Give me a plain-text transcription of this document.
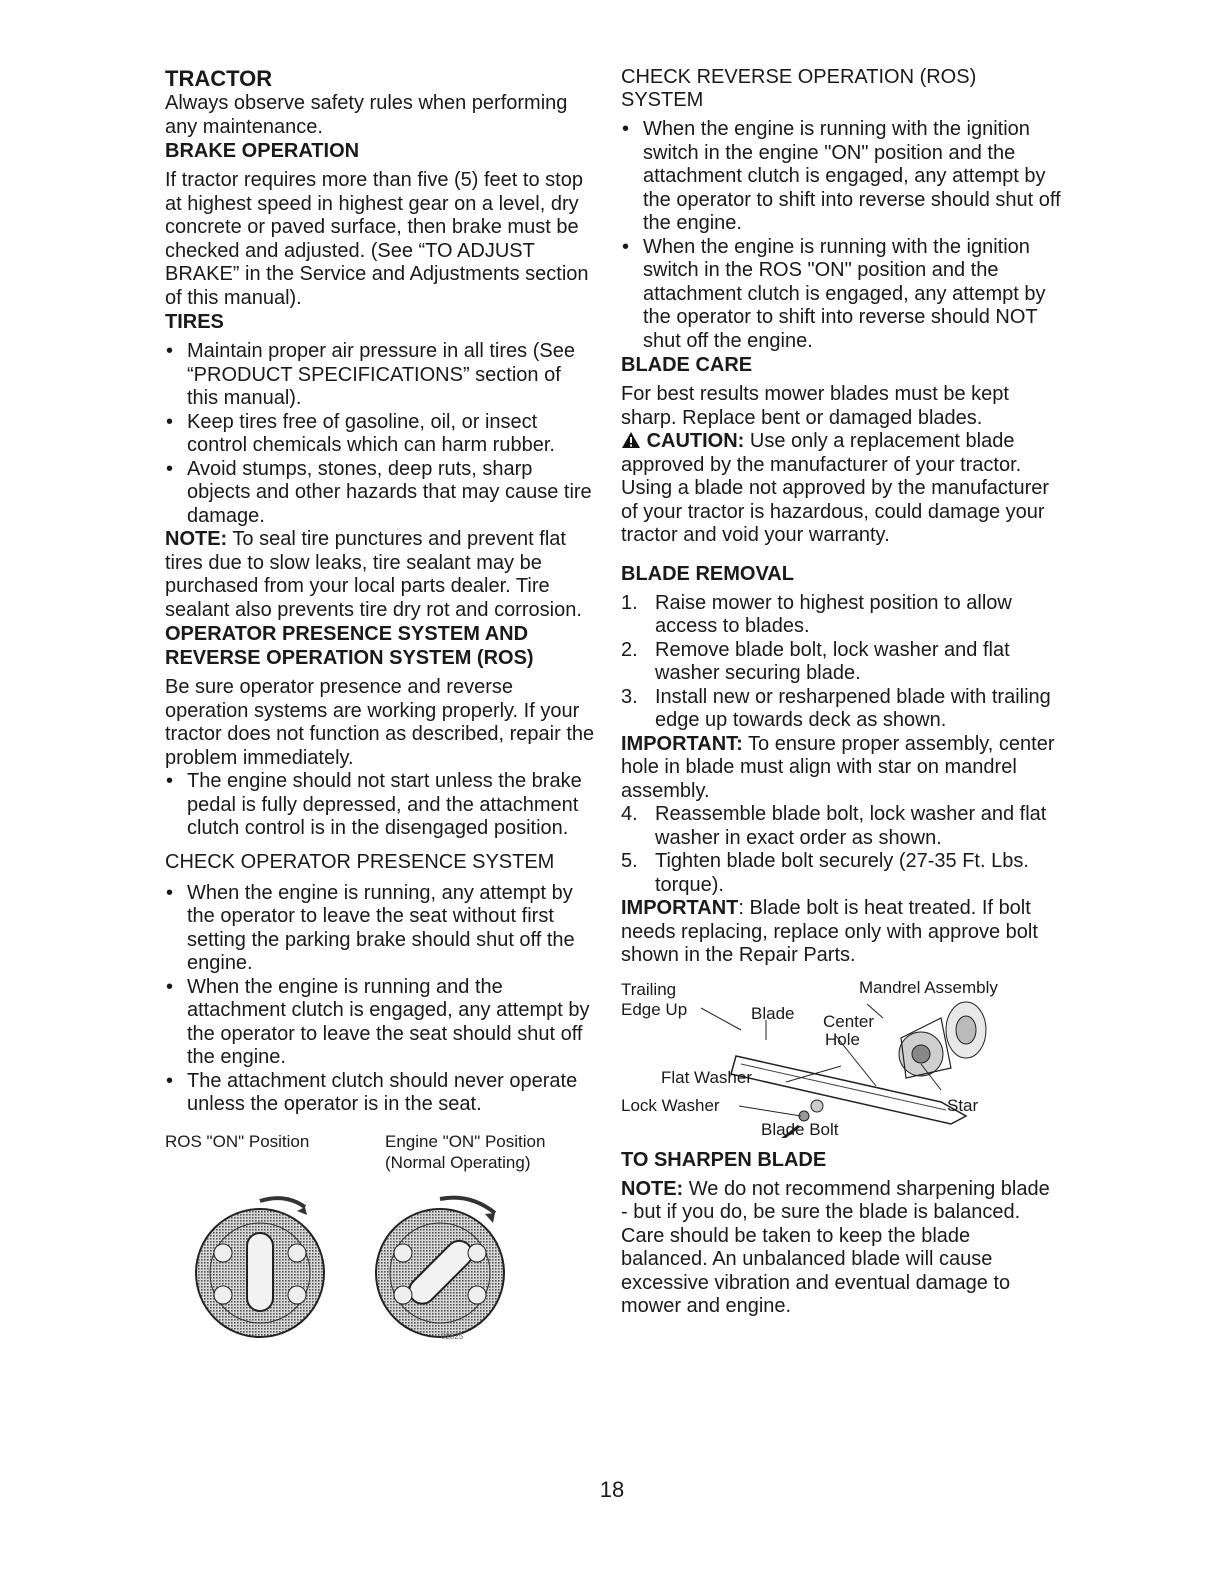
TRACTOR

Always observe safety rules when performing any maintenance.

BRAKE OPERATION

If tractor requires more than five (5) feet to stop at highest speed in highest gear on a level, dry concrete or paved surface, then brake must be checked and adjusted. (See “TO ADJUST BRAKE” in the Service and Adjustments section of this manual).

TIRES

• Maintain proper air pressure in all tires (See “PRODUCT SPECIFICATIONS” section of this manual).

• Keep tires free of gasoline, oil, or insect control chemicals which can harm rubber.

• Avoid stumps, stones, deep ruts, sharp objects and other hazards that may cause tire damage.

NOTE: To seal tire punctures and prevent flat tires due to slow leaks, tire sealant may be purchased from your local parts dealer. Tire sealant also prevents tire dry rot and corrosion.

OPERATOR PRESENCE SYSTEM AND REVERSE OPERATION SYSTEM (ROS)

Be sure operator presence and reverse operation systems are working properly. If your tractor does not function as described, repair the problem immediately.

• The engine should not start unless the brake pedal is fully depressed, and the attachment clutch control is in the disengaged position.

CHECK OPERATOR PRESENCE SYSTEM

• When the engine is running, any attempt by the operator to leave the seat without first setting the parking brake should shut off the engine.

• When the engine is running and the attachment clutch is engaged, any attempt by the operator to leave the seat should shut off the engine.

• The attachment clutch should never operate unless the operator is in the seat.

ROS "ON" Position	Engine "ON" Position
(Normal Operating)
02825

CHECK REVERSE OPERATION (ROS) SYSTEM

• When the engine is running with the ignition switch in the engine "ON" position and the attachment clutch is engaged, any attempt by the operator to shift into reverse should shut off the engine.

• When the engine is running with the ignition switch in the ROS "ON" position and the attachment clutch is engaged, any attempt by the operator to shift into reverse should NOT shut off the engine.

BLADE CARE

For best results mower blades must be kept sharp. Replace bent or damaged blades.

CAUTION: Use only a replacement blade approved by the manufacturer of your tractor. Using a blade not approved by the manufacturer of your tractor is hazardous, could damage your tractor and void your warranty.

BLADE REMOVAL

1. Raise mower to highest position to allow access to blades.

2. Remove blade bolt, lock washer and flat washer securing blade.

3. Install new or resharpened blade with trailing edge up towards deck as shown.

IMPORTANT: To ensure proper assembly, center hole in blade must align with star on mandrel assembly.

4. Reassemble blade bolt, lock washer and flat washer in exact order as shown.

5. Tighten blade bolt securely (27-35 Ft. Lbs. torque).

IMPORTANT: Blade bolt is heat treated. If bolt needs replacing, replace only with approve bolt shown in the Repair Parts.

Trailing
Edge Up	Blade
Mandrel Assembly
Center
Hole
Flat Washer
Lock Washer	Star
Blade Bolt
TO SHARPEN BLADE

NOTE: We do not recommend sharpening blade - but if you do, be sure the blade is balanced.

Care should be taken to keep the blade balanced. An unbalanced blade will cause excessive vibration and eventual damage to mower and engine.

18
